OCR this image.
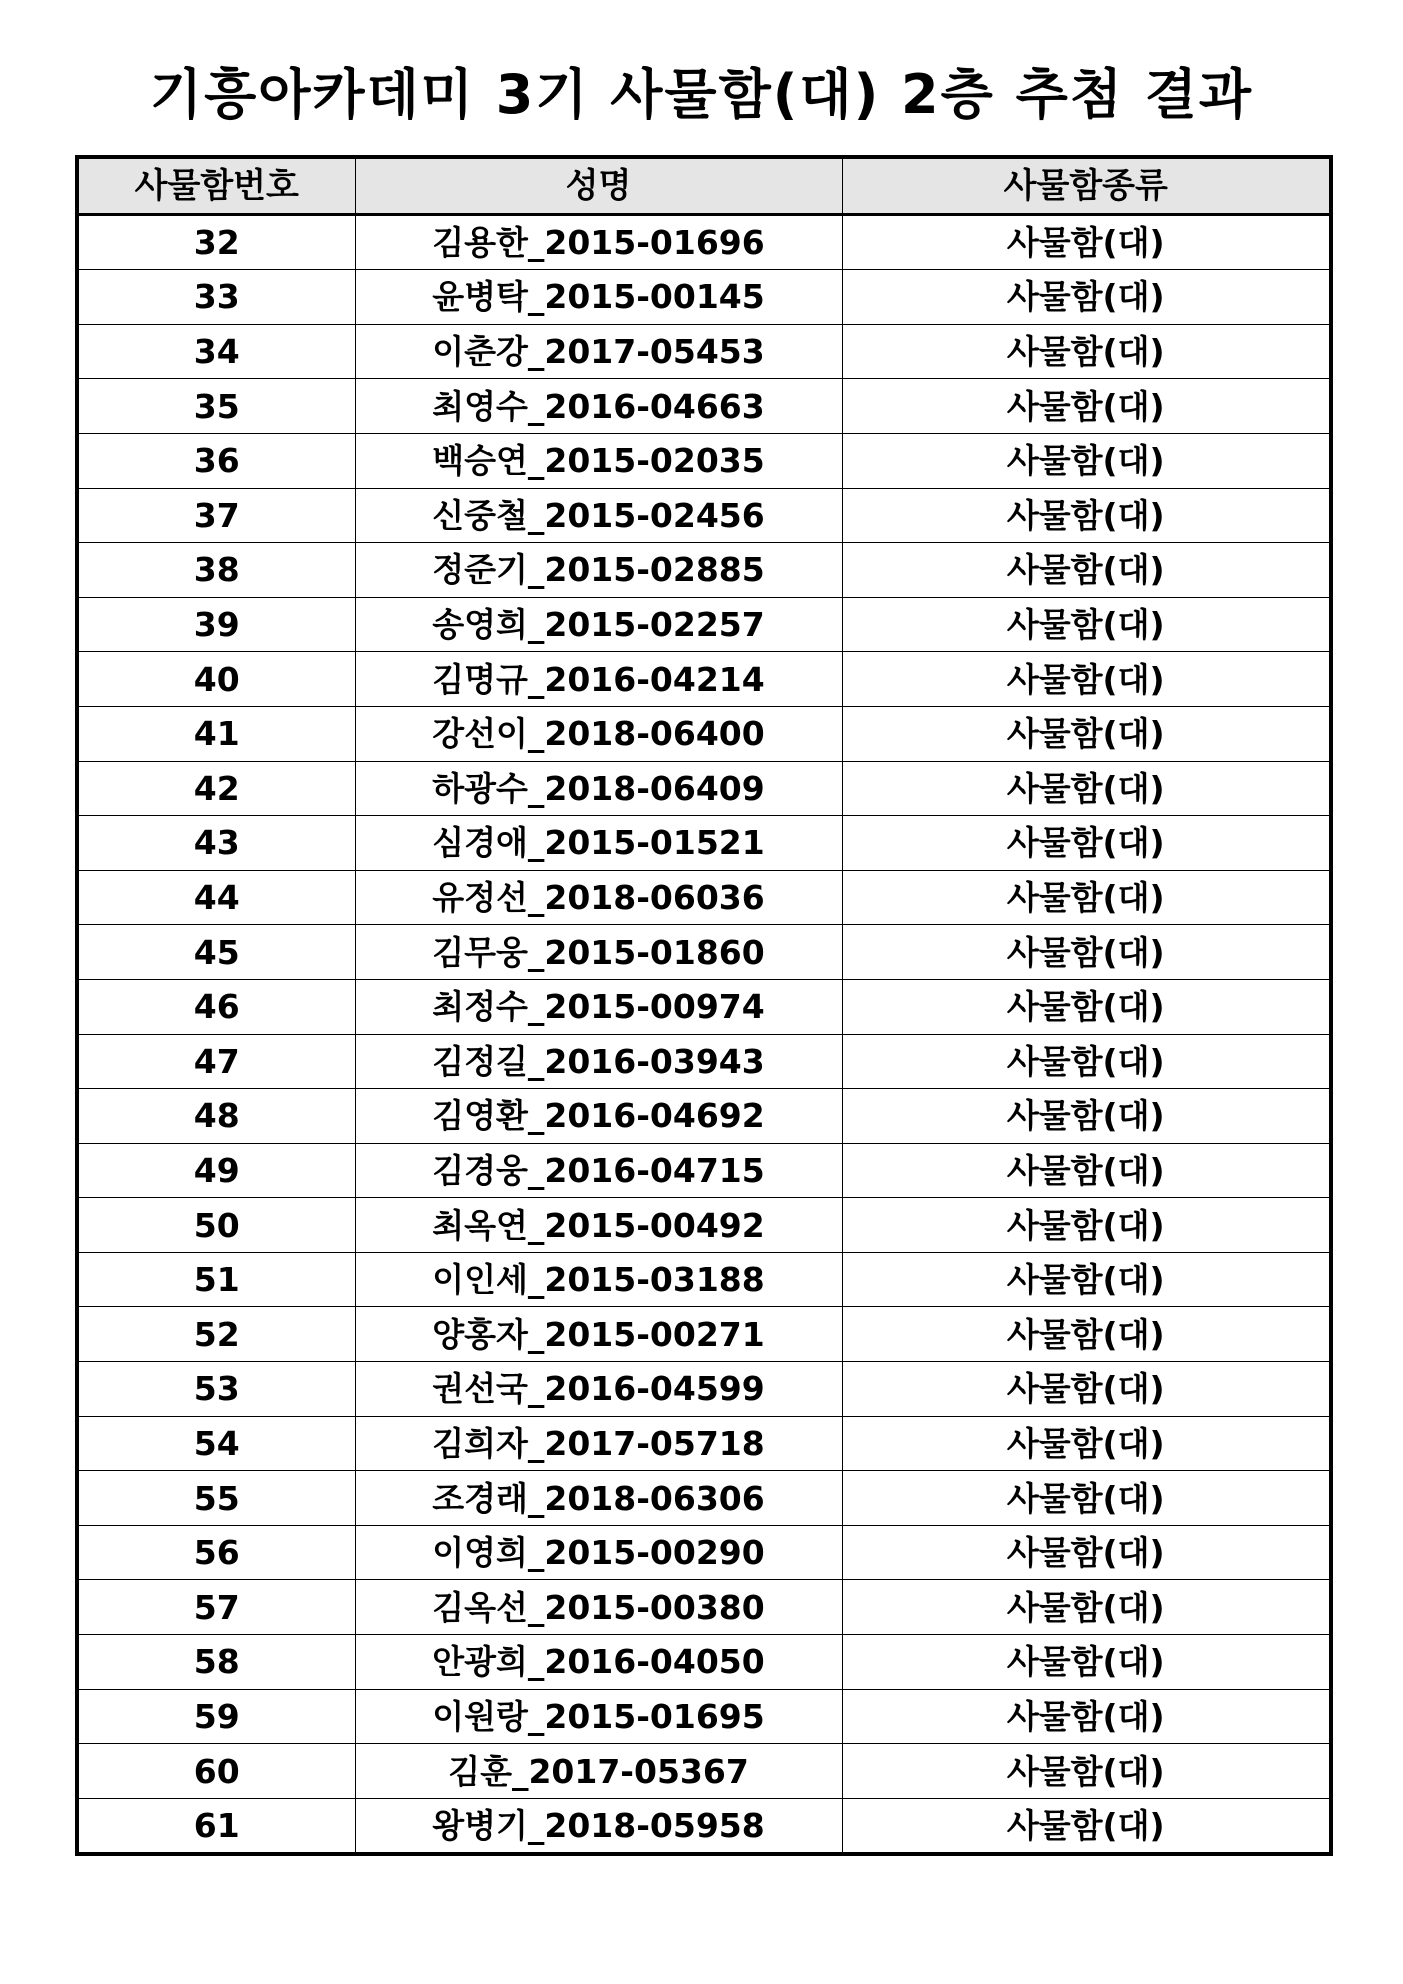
기흥아카데미 3기 사물함(대) 2층 추첨 결과
사물함번호	성명	사물함종류
32	김용한_2015-01696	사물함(대)
33	윤병탁_2015-00145	사물함(대)
34	이춘강_2017-05453	사물함(대)
35	최영수_2016-04663	사물함(대)
36	백승연_2015-02035	사물함(대)
37	신중철_2015-02456	사물함(대)
38	정준기_2015-02885	사물함(대)
39	송영희_2015-02257	사물함(대)
40	김명규_2016-04214	사물함(대)
41	강선이_2018-06400	사물함(대)
42	하광수_2018-06409	사물함(대)
43	심경애_2015-01521	사물함(대)
44	유정선_2018-06036	사물함(대)
45	김무웅_2015-01860	사물함(대)
46	최정수_2015-00974	사물함(대)
47	김정길_2016-03943	사물함(대)
48	김영환_2016-04692	사물함(대)
49	김경웅_2016-04715	사물함(대)
50	최옥연_2015-00492	사물함(대)
51	이인세_2015-03188	사물함(대)
52	양홍자_2015-00271	사물함(대)
53	권선국_2016-04599	사물함(대)
54	김희자_2017-05718	사물함(대)
55	조경래_2018-06306	사물함(대)
56	이영희_2015-00290	사물함(대)
57	김옥선_2015-00380	사물함(대)
58	안광희_2016-04050	사물함(대)
59	이원랑_2015-01695	사물함(대)
60	김훈_2017-05367	사물함(대)
61	왕병기_2018-05958	사물함(대)
